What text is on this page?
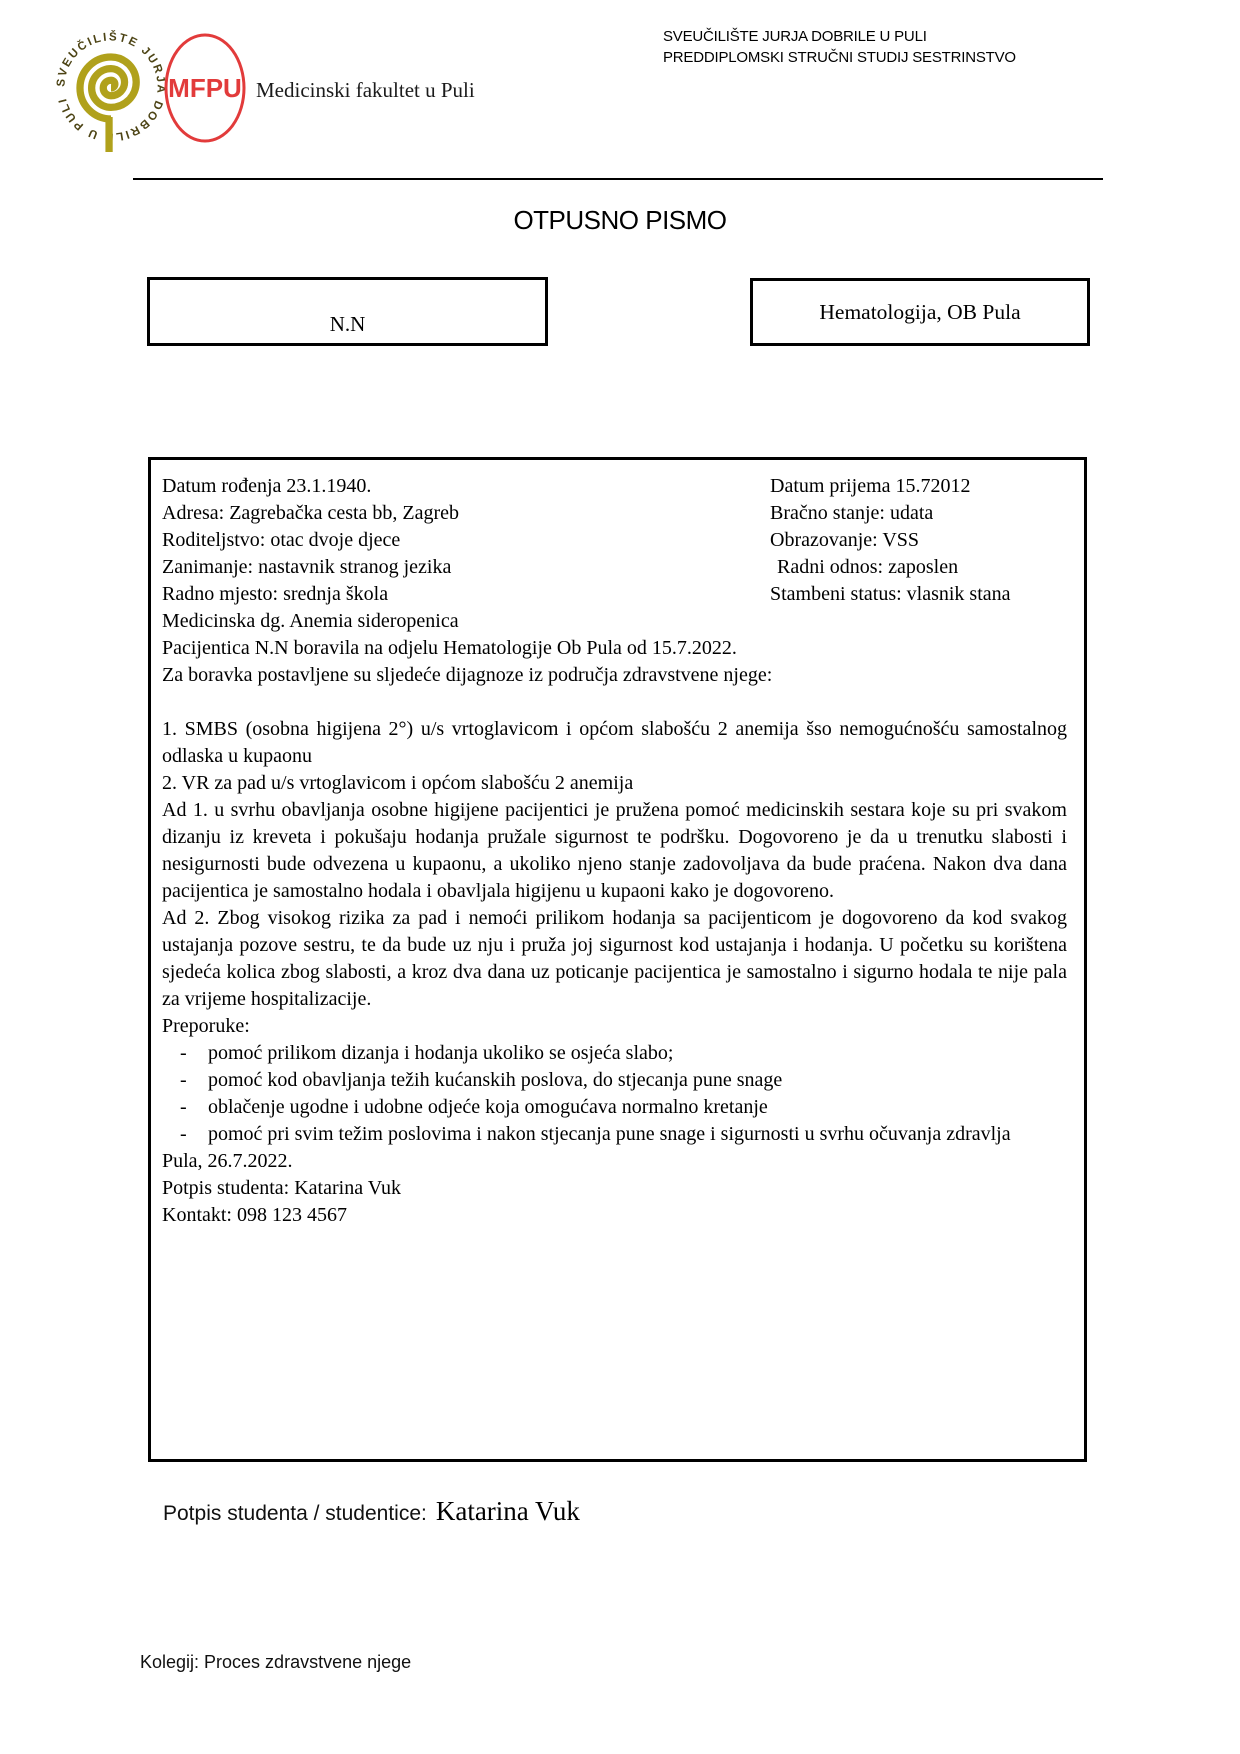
SVEUČILIŠTE JURJA DOBRILE U PULI	MFPU Medicinski fakultet u Puli
SVEUČILIŠTE JURJA DOBRILE U PULI
PREDDIPLOMSKI STRUČNI STUDIJ SESTRINSTVO
OTPUSNO PISMO
N.N
Hematologija, OB Pula
Datum rođenja 23.1.1940.
Adresa: Zagrebačka cesta bb, Zagreb
Roditeljstvo: otac dvoje djece
Zanimanje: nastavnik stranog jezika
Radno mjesto: srednja škola
Medicinska dg. Anemia sideropenica
Datum prijema 15.72012
Bračno stanje: udata
Obrazovanje: VSS
Radni odnos: zaposlen
Stambeni status: vlasnik stana

Pacijentica N.N boravila na odjelu Hematologije Ob Pula od 15.7.2022.

Za boravka postavljene su sljedeće dijagnoze iz područja zdravstvene njege:

1. SMBS (osobna higijena 2°) u/s vrtoglavicom i općom slabošću 2 anemija šso nemogućnošću samostalnog odlaska u kupaonu

2. VR za pad u/s vrtoglavicom i općom slabošću 2 anemija

Ad 1. u svrhu obavljanja osobne higijene pacijentici je pružena pomoć medicinskih sestara koje su pri svakom dizanju iz kreveta i pokušaju hodanja pružale sigurnost te podršku. Dogovoreno je da u trenutku slabosti i nesigurnosti bude odvezena u kupaonu, a ukoliko njeno stanje zadovoljava da bude praćena. Nakon dva dana pacijentica je samostalno hodala i obavljala higijenu u kupaoni kako je dogovoreno.

Ad 2. Zbog visokog rizika za pad i nemoći prilikom hodanja sa pacijenticom je dogovoreno da kod svakog ustajanja pozove sestru, te da bude uz nju i pruža joj sigurnost kod ustajanja i hodanja. U početku su korištena sjedeća kolica zbog slabosti, a kroz dva dana uz poticanje pacijentica je samostalno i sigurno hodala te nije pala za vrijeme hospitalizacije.

Preporuke:

- pomoć prilikom dizanja i hodanja ukoliko se osjeća slabo;
- pomoć kod obavljanja težih kućanskih poslova, do stjecanja pune snage
- oblačenje ugodne i udobne odjeće koja omogućava normalno kretanje
- pomoć pri svim težim poslovima i nakon stjecanja pune snage i sigurnosti u svrhu očuvanja zdravlja

Pula, 26.7.2022.

Potpis studenta: Katarina Vuk

Kontakt: 098 123 4567

Potpis studenta / studentice: Katarina Vuk
Kolegij: Proces zdravstvene njege
